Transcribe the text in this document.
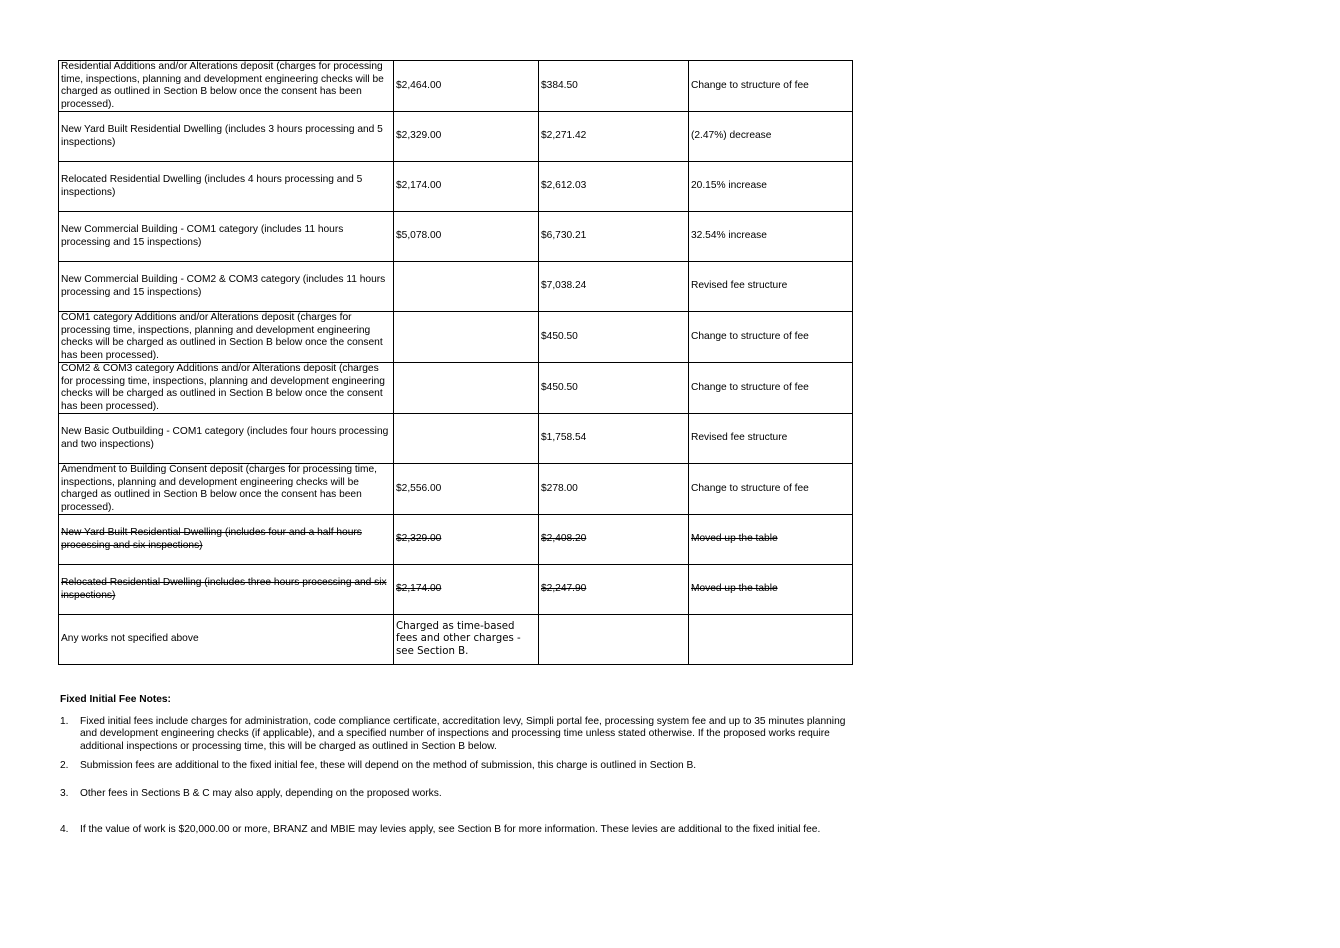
Residential Additions and/or Alterations deposit (charges for processing time, inspections, planning and development engineering checks will be charged as outlined in Section B below once the consent has been processed).	$2,464.00	$384.50	Change to structure of fee
New Yard Built Residential Dwelling (includes 3 hours processing and 5 inspections)	$2,329.00	$2,271.42	(2.47%) decrease
Relocated Residential Dwelling (includes 4 hours processing and 5 inspections)	$2,174.00	$2,612.03	20.15% increase
New Commercial Building - COM1 category (includes 11 hours processing and 15 inspections)	$5,078.00	$6,730.21	32.54% increase
New Commercial Building - COM2 & COM3 category (includes 11 hours processing and 15 inspections)		$7,038.24	Revised fee structure
COM1 category Additions and/or Alterations deposit (charges for processing time, inspections, planning and development engineering checks will be charged as outlined in Section B below once the consent has been processed).		$450.50	Change to structure of fee
COM2 & COM3 category Additions and/or Alterations deposit (charges for processing time, inspections, planning and development engineering checks will be charged as outlined in Section B below once the consent has been processed).		$450.50	Change to structure of fee
New Basic Outbuilding - COM1 category (includes four hours processing and two inspections)		$1,758.54	Revised fee structure
Amendment to Building Consent deposit (charges for processing time, inspections, planning and development engineering checks will be charged as outlined in Section B below once the consent has been processed).	$2,556.00	$278.00	Change to structure of fee
New Yard Built Residential Dwelling (includes four and a half hours processing and six inspections)	$2,329.00	$2,408.20	Moved up the table
Relocated Residential Dwelling (includes three hours processing and six inspections)	$2,174.00	$2,247.90	Moved up the table
Any works not specified above	Charged as time-based fees and other charges - see Section B.		
Fixed Initial Fee Notes:
1.	Fixed initial fees include charges for administration, code compliance certificate, accreditation levy, Simpli portal fee, processing system fee and up to 35 minutes planning and development engineering checks (if applicable), and a specified number of inspections and processing time unless stated otherwise. If the proposed works require additional inspections or processing time, this will be charged as outlined in Section B below.
2.	Submission fees are additional to the fixed initial fee, these will depend on the method of submission, this charge is outlined in Section B.
3.	Other fees in Sections B & C may also apply, depending on the proposed works.
4.	If the value of work is $20,000.00 or more, BRANZ and MBIE may levies apply, see Section B for more information. These levies are additional to the fixed initial fee.
